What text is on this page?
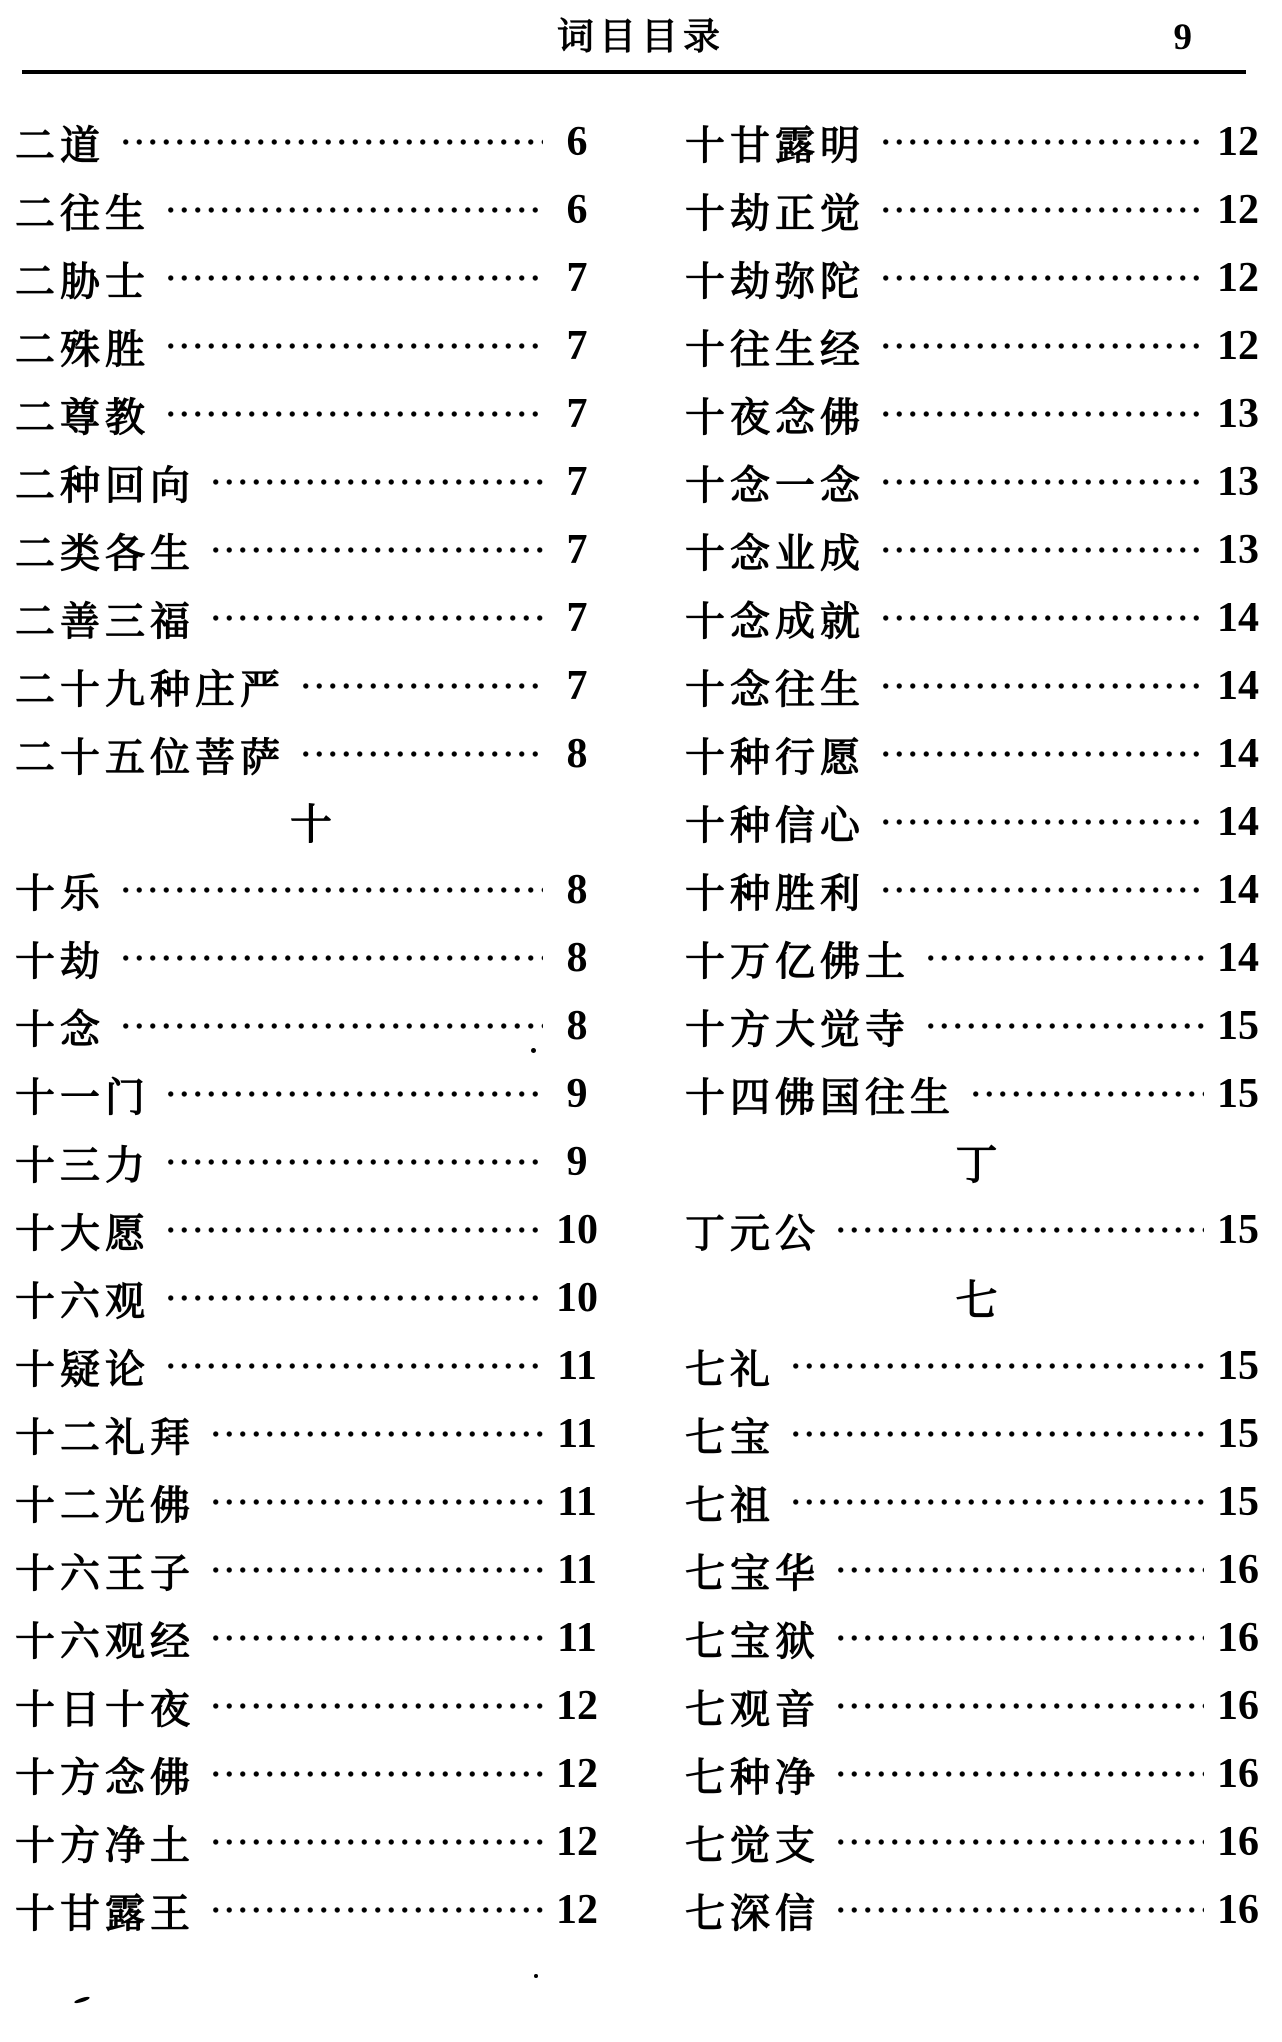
词目目录	9
二道	6
二往生	6
二胁士	7
二殊胜	7
二尊教	7
二种回向	7
二类各生	7
二善三福	7
二十九种庄严	7
二十五位菩萨	8
十
十乐	8
十劫	8
十念	8
十一门	9
十三力	9
十大愿	10
十六观	10
十疑论	11
十二礼拜	11
十二光佛	11
十六王子	11
十六观经	11
十日十夜	12
十方念佛	12
十方净土	12
十甘露王	12
十甘露明	12
十劫正觉	12
十劫弥陀	12
十往生经	12
十夜念佛	13
十念一念	13
十念业成	13
十念成就	14
十念往生	14
十种行愿	14
十种信心	14
十种胜利	14
十万亿佛土	14
十方大觉寺	15
十四佛国往生	15
丁
丁元公	15
七
七礼	15
七宝	15
七祖	15
七宝华	16
七宝狱	16
七观音	16
七种净	16
七觉支	16
七深信	16
